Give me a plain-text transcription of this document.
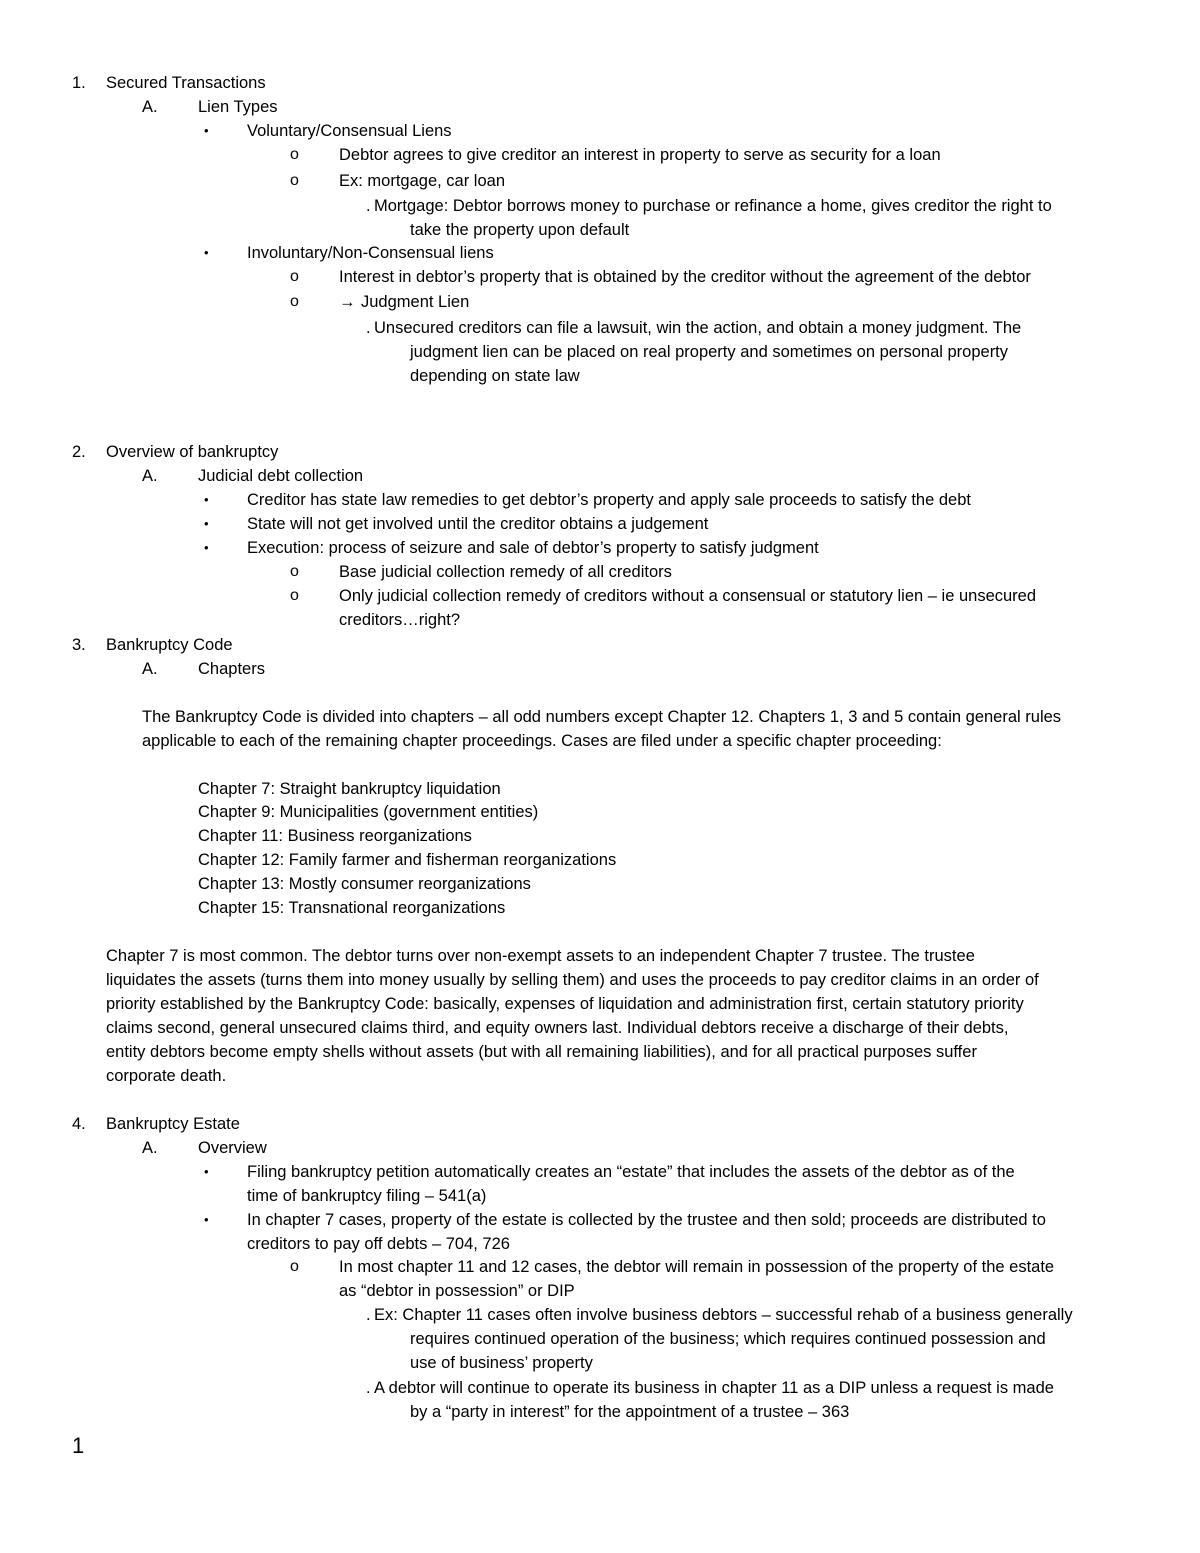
1. Secured Transactions
A. Lien Types
• Voluntary/Consensual Liens
o Debtor agrees to give creditor an interest in property to serve as security for a loan
o Ex: mortgage, car loan
. Mortgage: Debtor borrows money to purchase or refinance a home, gives creditor the right to
take the property upon default
• Involuntary/Non-Consensual liens
o Interest in debtor’s property that is obtained by the creditor without the agreement of the debtor
o → Judgment Lien
. Unsecured creditors can file a lawsuit, win the action, and obtain a money judgment. The
judgment lien can be placed on real property and sometimes on personal property
depending on state law
2. Overview of bankruptcy
A. Judicial debt collection
• Creditor has state law remedies to get debtor’s property and apply sale proceeds to satisfy the debt
• State will not get involved until the creditor obtains a judgement
• Execution: process of seizure and sale of debtor’s property to satisfy judgment
o Base judicial collection remedy of all creditors
o Only judicial collection remedy of creditors without a consensual or statutory lien – ie unsecured
creditors…right?
3. Bankruptcy Code
A. Chapters
The Bankruptcy Code is divided into chapters – all odd numbers except Chapter 12. Chapters 1, 3 and 5 contain general rules
applicable to each of the remaining chapter proceedings. Cases are filed under a specific chapter proceeding:
Chapter 7: Straight bankruptcy liquidation
Chapter 9: Municipalities (government entities)
Chapter 11: Business reorganizations
Chapter 12: Family farmer and fisherman reorganizations
Chapter 13: Mostly consumer reorganizations
Chapter 15: Transnational reorganizations
Chapter 7 is most common. The debtor turns over non-exempt assets to an independent Chapter 7 trustee. The trustee
liquidates the assets (turns them into money usually by selling them) and uses the proceeds to pay creditor claims in an order of
priority established by the Bankruptcy Code: basically, expenses of liquidation and administration first, certain statutory priority
claims second, general unsecured claims third, and equity owners last. Individual debtors receive a discharge of their debts,
entity debtors become empty shells without assets (but with all remaining liabilities), and for all practical purposes suffer
corporate death.
4. Bankruptcy Estate
A. Overview
• Filing bankruptcy petition automatically creates an “estate” that includes the assets of the debtor as of the
time of bankruptcy filing – 541(a)
• In chapter 7 cases, property of the estate is collected by the trustee and then sold; proceeds are distributed to
creditors to pay off debts – 704, 726
o In most chapter 11 and 12 cases, the debtor will remain in possession of the property of the estate
as “debtor in possession” or DIP
. Ex: Chapter 11 cases often involve business debtors – successful rehab of a business generally
requires continued operation of the business; which requires continued possession and
use of business’ property
. A debtor will continue to operate its business in chapter 11 as a DIP unless a request is made
by a “party in interest” for the appointment of a trustee – 363
1
